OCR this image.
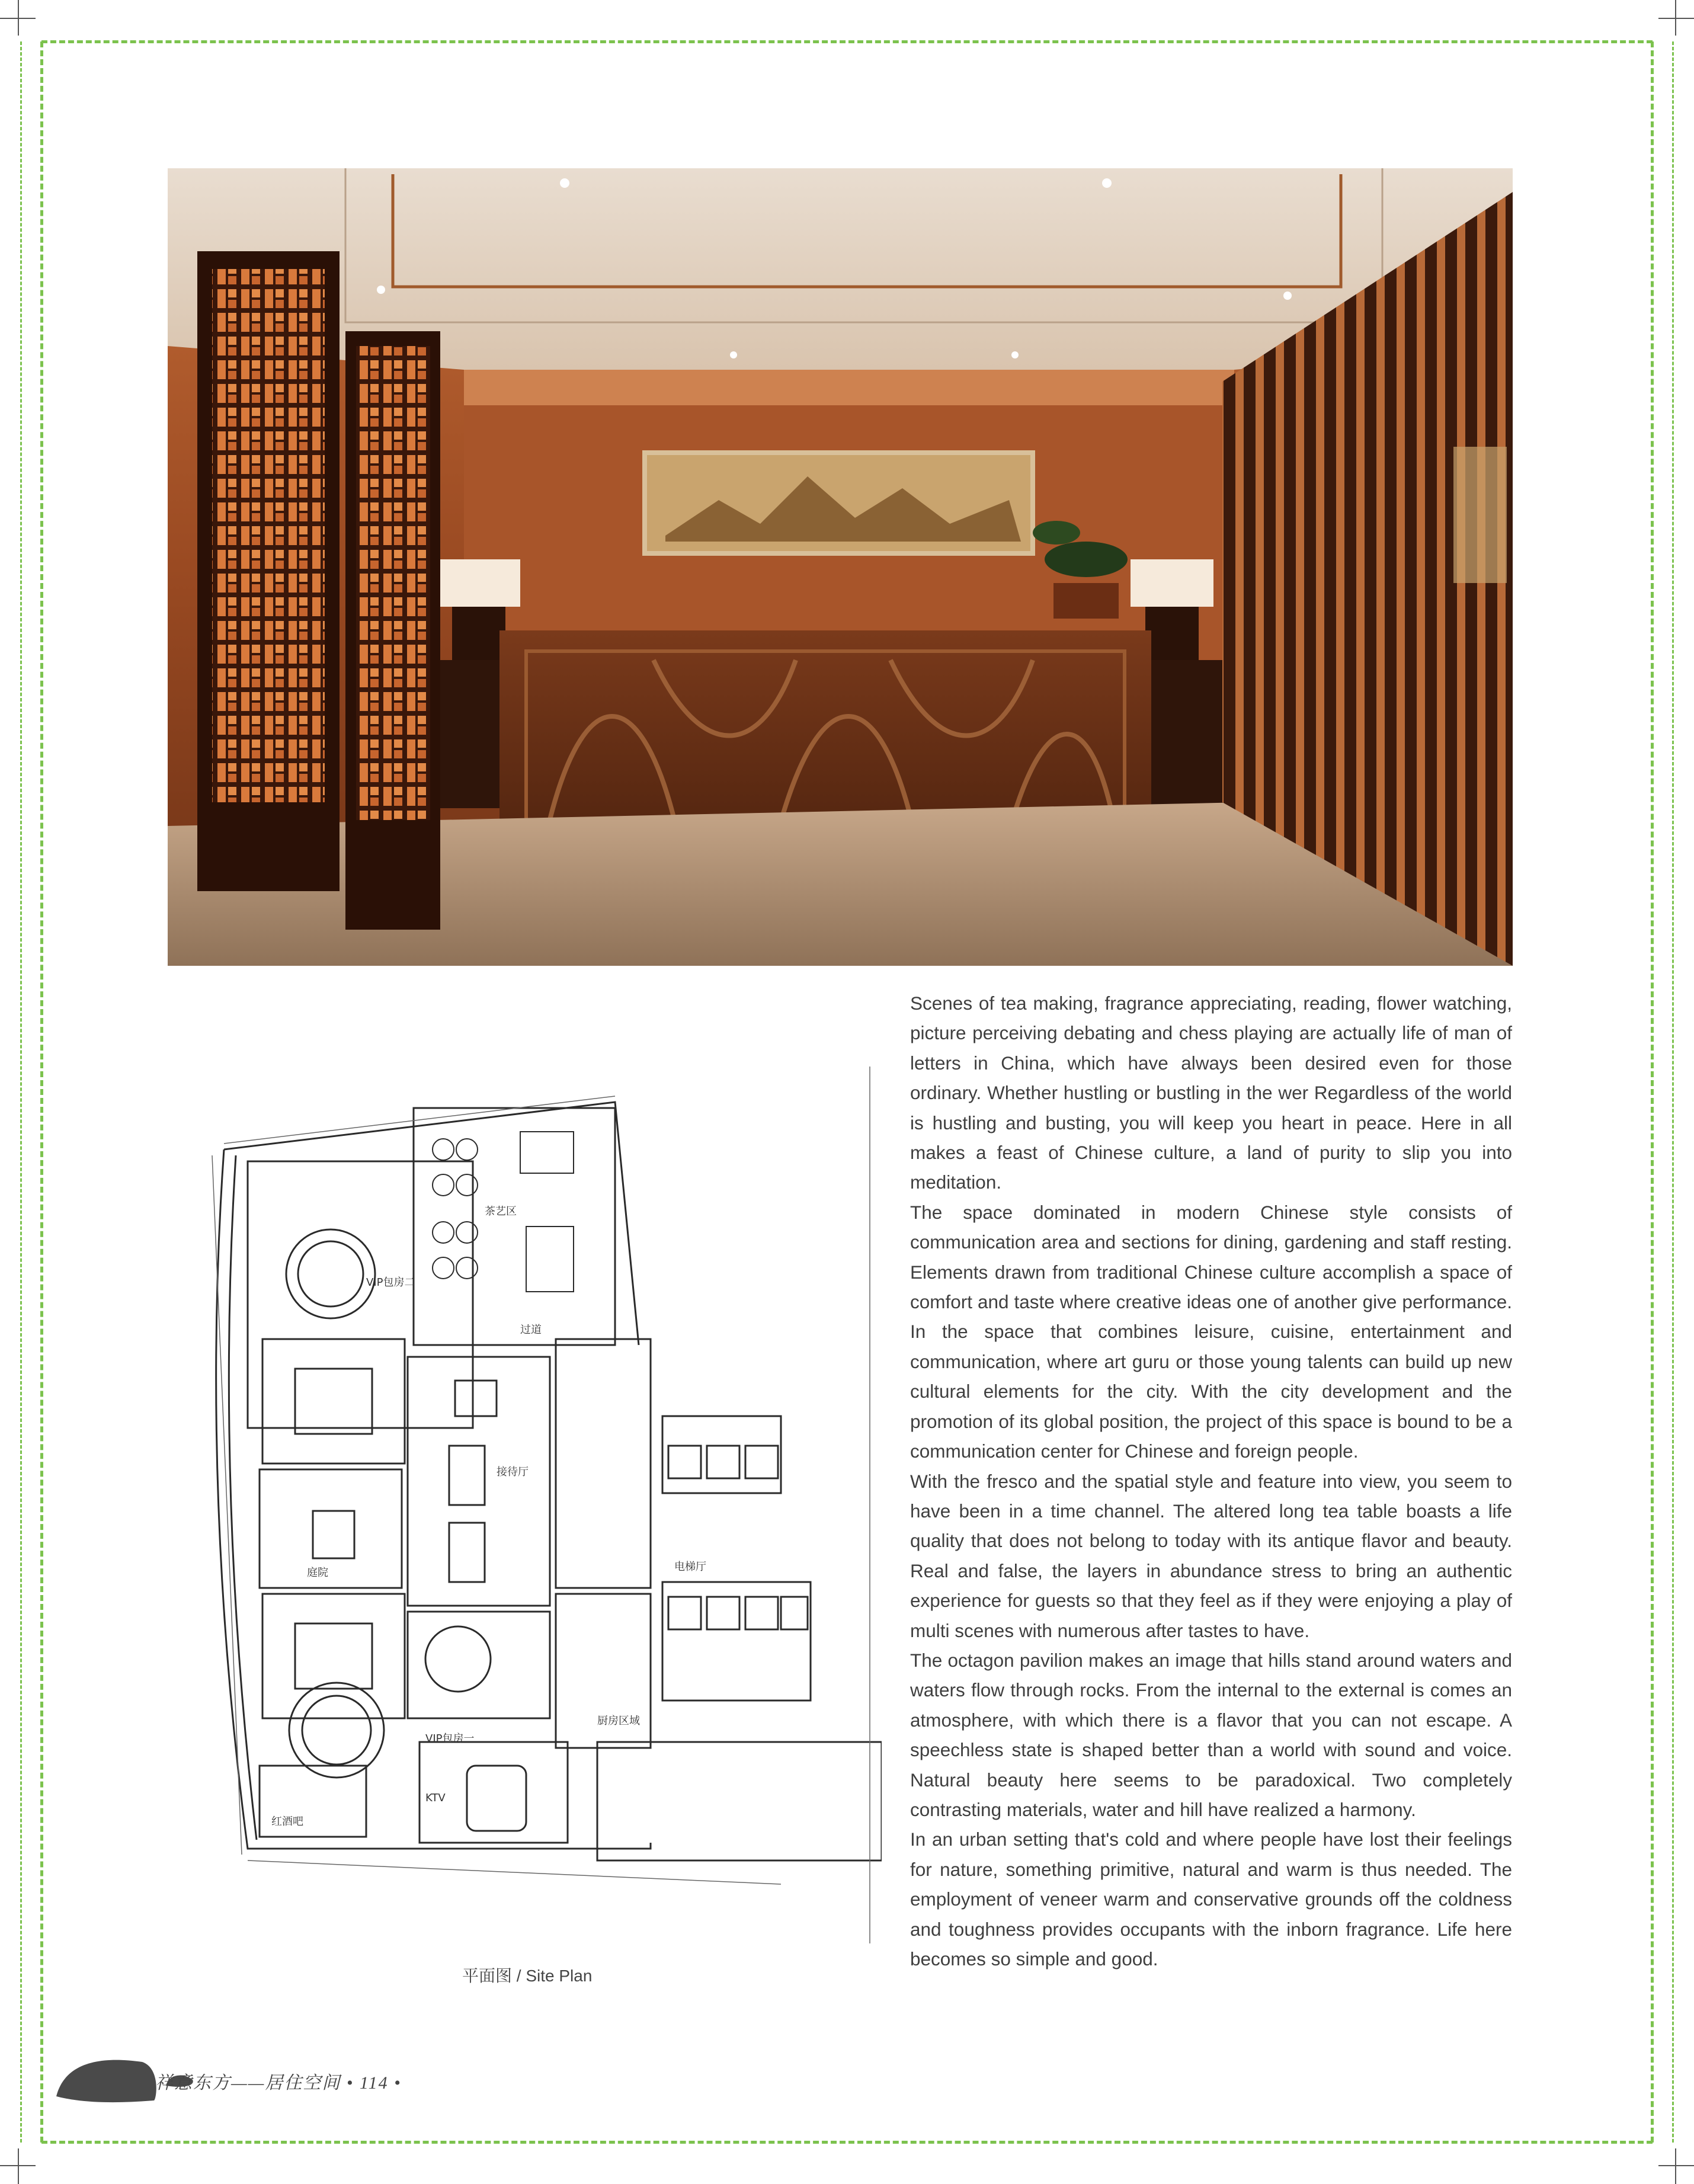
VIP包房二
VIP包房一
接待厅
过道
电梯厅
KTV
厨房区域
庭院
茶艺区
红酒吧
平面图 / Site Plan

Scenes of tea making, fragrance appreciating, reading, flower watching, picture perceiving debating and chess playing are actually life of man of letters in China, which have always been desired even for those ordinary. Whether hustling or bustling in the wer Regardless of the world is hustling and busting, you will keep you heart in peace. Here in all makes a feast of Chinese culture, a land of purity to slip you into meditation.

The space dominated in modern Chinese style consists of communication area and sections for dining, gardening and staff resting. Elements drawn from traditional Chinese culture accomplish a space of comfort and taste where creative ideas one of another give performance. In the space that combines leisure, cuisine, entertainment and communication, where art guru or those young talents can build up new cultural elements for the city. With the city development and the promotion of its global position, the project of this space is bound to be a communication center for Chinese and foreign people.

With the fresco and the spatial style and feature into view, you seem to have been in a time channel. The altered long tea table boasts a life quality that does not belong to today with its antique flavor and beauty. Real and false, the layers in abundance stress to bring an authentic experience for guests so that they feel as if they were enjoying a play of multi scenes with numerous after tastes to have.

The octagon pavilion makes an image that hills stand around waters and waters flow through rocks. From the internal to the external is comes an atmosphere, with which there is a flavor that you can not escape. A speechless state is shaped better than a world with sound and voice. Natural beauty here seems to be paradoxical. Two completely contrasting materials, water and hill have realized a harmony.

In an urban setting that's cold and where people have lost their feelings for nature, something primitive, natural and warm is thus needed. The employment of veneer warm and conservative grounds off the coldness and toughness provides occupants with the inborn fragrance. Life here becomes so simple and good.

祥意东方——居住空间 • 114 •
